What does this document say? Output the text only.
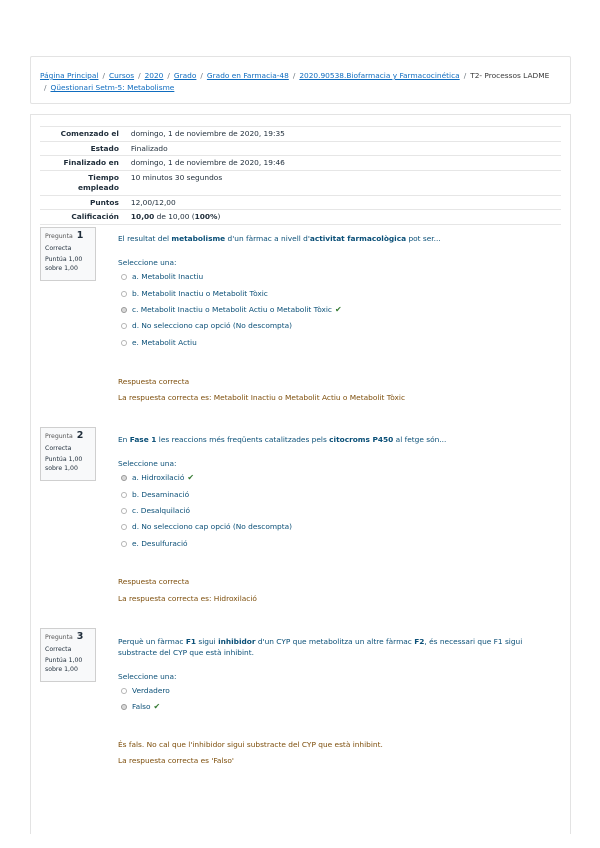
Página Principal / Cursos / 2020 / Grado / Grado en Farmacia-48 / 2020.90538.Biofarmacia y Farmacocinética / T2- Processos LADME
/ Qüestionari Setm-5: Metabolisme
Comenzado el	domingo, 1 de noviembre de 2020, 19:35
Estado	Finalizado
Finalizado en	domingo, 1 de noviembre de 2020, 19:46
Tiempo empleado	10 minutos 30 segundos
Puntos	12,00/12,00
Calificación	10,00 de 10,00 (100%)
Pregunta 1
Correcta
Puntúa 1,00 sobre 1,00
El resultat del metabolisme d'un fàrmac a nivell d'activitat farmacològica pot ser...
Seleccione una:
a. Metabolit Inactiu
b. Metabolit Inactiu o Metabolit Tòxic
c. Metabolit Inactiu o Metabolit Actiu o Metabolit Tòxic ✔
d. No selecciono cap opció (No descompta)
e. Metabolit Actiu
Respuesta correcta
La respuesta correcta es: Metabolit Inactiu o Metabolit Actiu o Metabolit Tòxic
Pregunta 2
Correcta
Puntúa 1,00 sobre 1,00
En Fase 1 les reaccions més freqüents catalitzades pels citocroms P450 al fetge són...
Seleccione una:
a. Hidroxilació ✔
b. Desaminació
c. Desalquilació
d. No selecciono cap opció (No descompta)
e. Desulfuració
Respuesta correcta
La respuesta correcta es: Hidroxilació
Pregunta 3
Correcta
Puntúa 1,00 sobre 1,00
Perquè un fàrmac F1 sigui inhibidor d'un CYP que metabolitza un altre fàrmac F2, és necessari que F1 sigui substracte del CYP que està inhibint.
Seleccione una:
Verdadero
Falso ✔
És fals. No cal que l'inhibidor sigui substracte del CYP que està inhibint.
La respuesta correcta es 'Falso'
